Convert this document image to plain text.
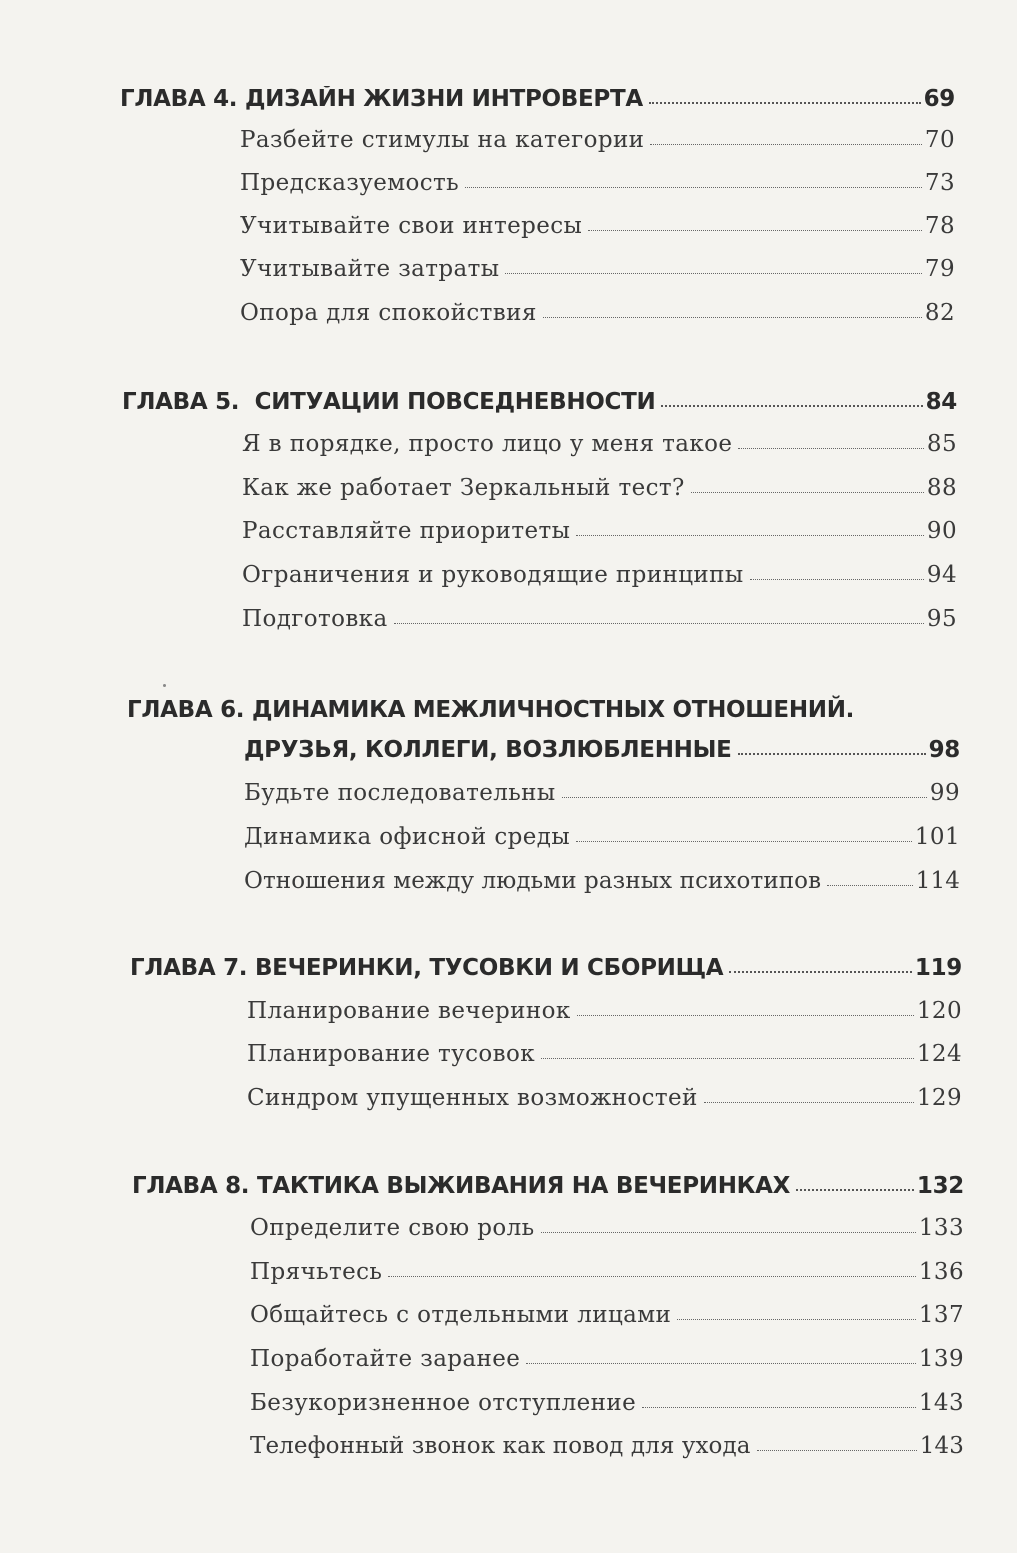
ГЛАВА 4. ДИЗАЙН ЖИЗНИ ИНТРОВЕРТА	69
Разбейте стимулы на категории	70
Предсказуемость	73
Учитывайте свои интересы	78
Учитывайте затраты	79
Опора для спокойствия	82
ГЛАВА 5.  СИТУАЦИИ ПОВСЕДНЕВНОСТИ	84
Я в порядке, просто лицо у меня такое	85
Как же работает Зеркальный тест?	88
Расставляйте приоритеты	90
Ограничения и руководящие принципы	94
Подготовка	95
ГЛАВА 6. ДИНАМИКА МЕЖЛИЧНОСТНЫХ ОТНОШЕНИЙ.
ДРУЗЬЯ, КОЛЛЕГИ, ВОЗЛЮБЛЕННЫЕ	98
Будьте последовательны	99
Динамика офисной среды	101
Отношения между людьми разных психотипов	114
ГЛАВА 7. ВЕЧЕРИНКИ, ТУСОВКИ И СБОРИЩА	119
Планирование вечеринок	120
Планирование тусовок	124
Синдром упущенных возможностей	129
ГЛАВА 8. ТАКТИКА ВЫЖИВАНИЯ НА ВЕЧЕРИНКАХ	132
Определите свою роль	133
Прячьтесь	136
Общайтесь с отдельными лицами	137
Поработайте заранее	139
Безукоризненное отступление	143
Телефонный звонок как повод для ухода	143
